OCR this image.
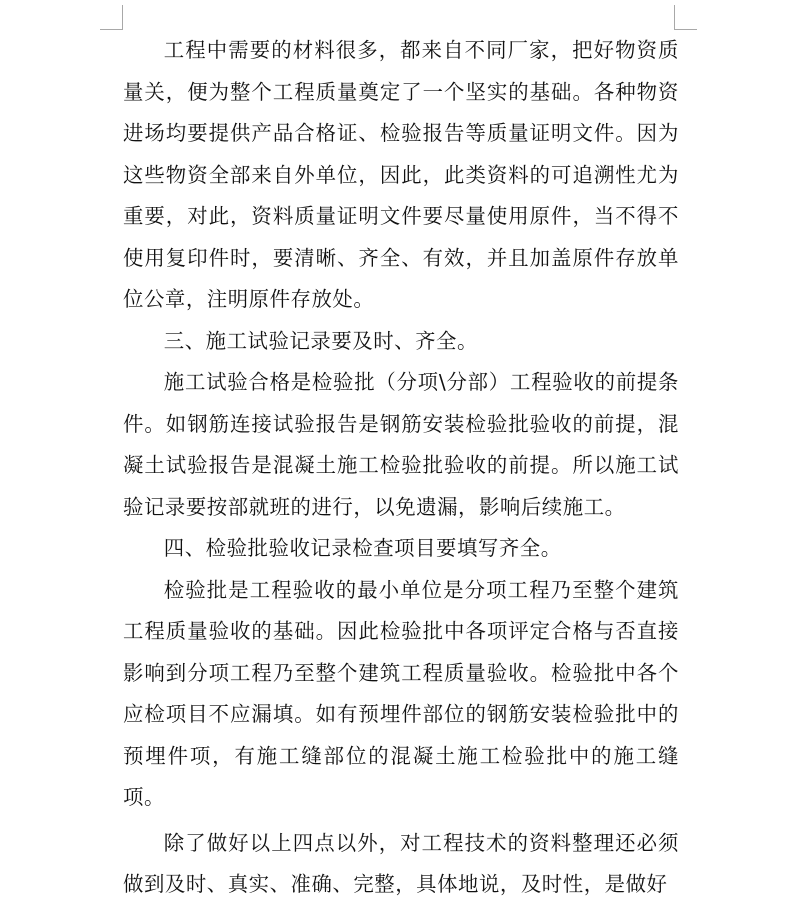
工程中需要的材料很多，都来自不同厂家，把好物资质量关，便为整个工程质量奠定了一个坚实的基础。各种物资进场均要提供产品合格证、检验报告等质量证明文件。因为这些物资全部来自外单位，因此，此类资料的可追溯性尤为重要，对此，资料质量证明文件要尽量使用原件，当不得不使用复印件时，要清晰、齐全、有效，并且加盖原件存放单位公章，注明原件存放处。

三、施工试验记录要及时、齐全。

施工试验合格是检验批（分项\分部）工程验收的前提条件。如钢筋连接试验报告是钢筋安装检验批验收的前提，混凝土试验报告是混凝土施工检验批验收的前提。所以施工试验记录要按部就班的进行，以免遗漏，影响后续施工。

四、检验批验收记录检查项目要填写齐全。

检验批是工程验收的最小单位是分项工程乃至整个建筑工程质量验收的基础。因此检验批中各项评定合格与否直接影响到分项工程乃至整个建筑工程质量验收。检验批中各个应检项目不应漏填。如有预埋件部位的钢筋安装检验批中的预埋件项，有施工缝部位的混凝土施工检验批中的施工缝项。

除了做好以上四点以外，对工程技术的资料整理还必须做到及时、真实、准确、完整，具体地说，及时性，是做好
